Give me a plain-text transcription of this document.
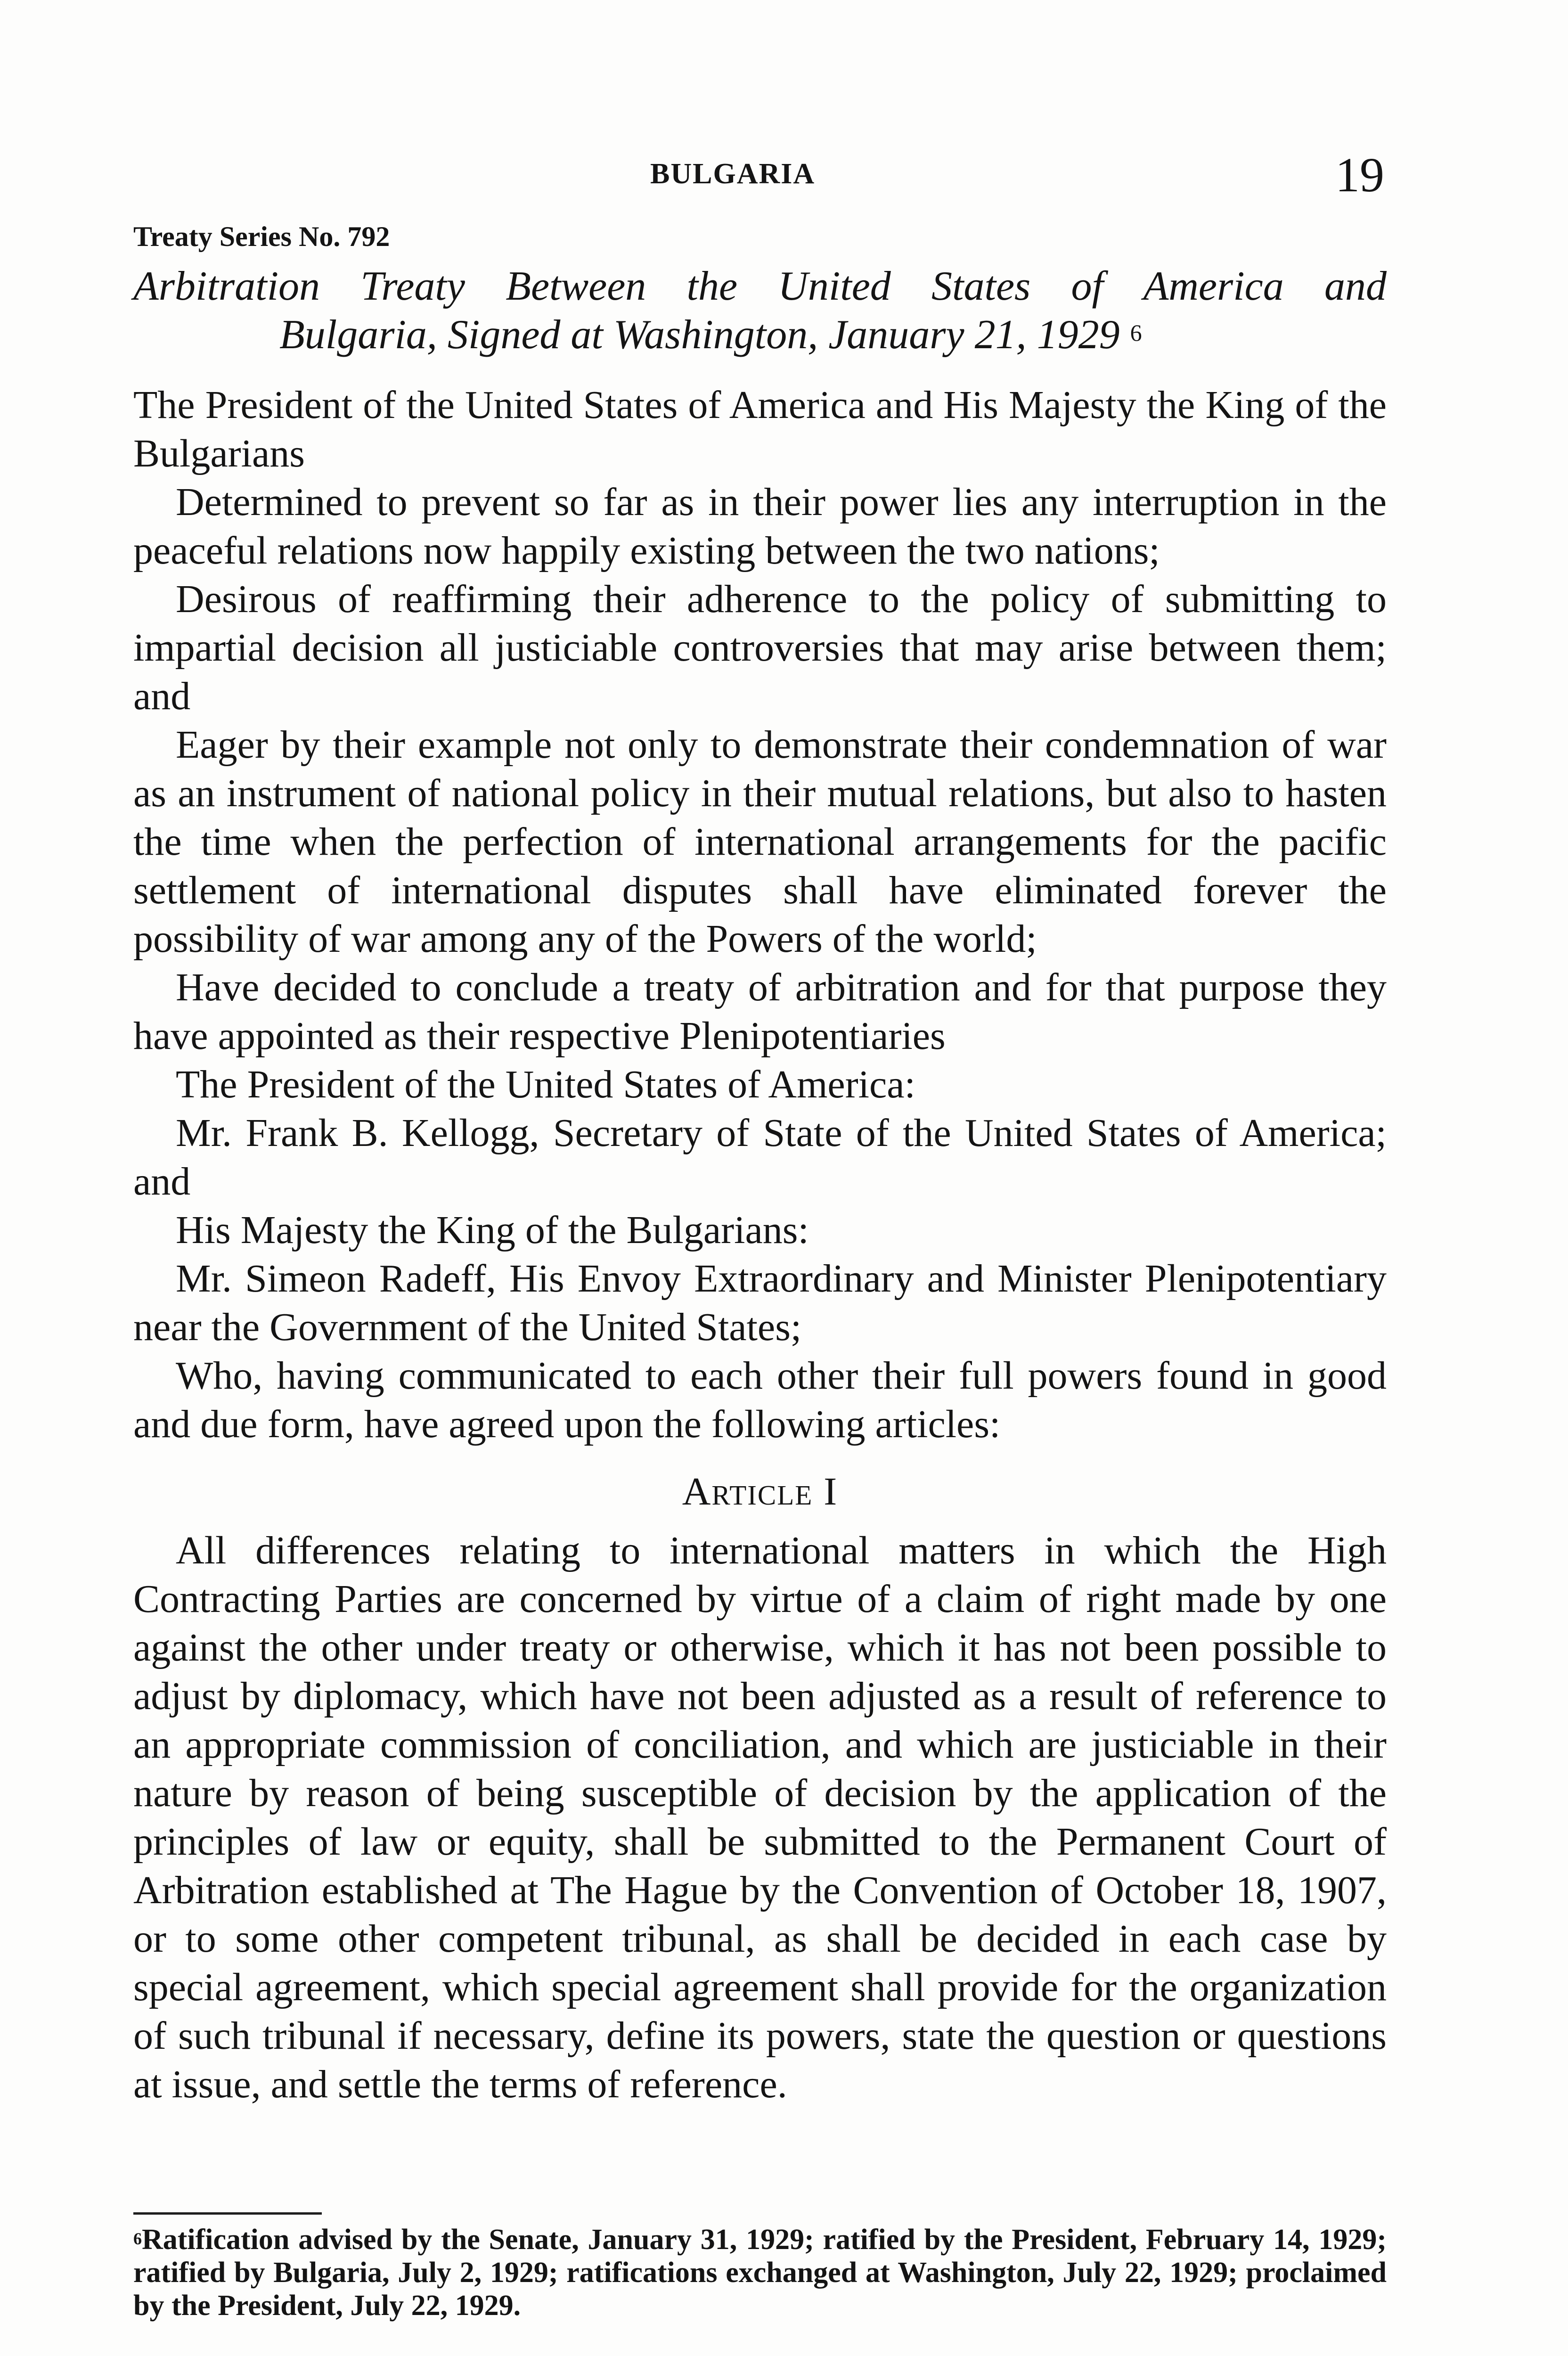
BULGARIA	19
Treaty Series No. 792
Arbitration Treaty Between the United States of America and
Bulgaria, Signed at Washington, January 21, 1929 $^6$

The President of the United States of America and His Majesty the King of the Bulgarians

Determined to prevent so far as in their power lies any interruption in the peaceful relations now happily existing between the two nations;

Desirous of reaffirming their adherence to the policy of submitting to impartial decision all justiciable controversies that may arise between them; and

Eager by their example not only to demonstrate their condemnation of war as an instrument of national policy in their mutual relations, but also to hasten the time when the perfection of international arrangements for the pacific settlement of international disputes shall have eliminated forever the possibility of war among any of the Powers of the world;

Have decided to conclude a treaty of arbitration and for that purpose they have appointed as their respective Plenipotentiaries

The President of the United States of America:

Mr. Frank B. Kellogg, Secretary of State of the United States of America; and

His Majesty the King of the Bulgarians:

Mr. Simeon Radeff, His Envoy Extraordinary and Minister Plenipotentiary near the Government of the United States;

Who, having communicated to each other their full powers found in good and due form, have agreed upon the following articles:

Article I

All differences relating to international matters in which the High Contracting Parties are concerned by virtue of a claim of right made by one against the other under treaty or otherwise, which it has not been possible to adjust by diplomacy, which have not been adjusted as a result of reference to an appropriate commission of conciliation, and which are justiciable in their nature by reason of being susceptible of decision by the application of the principles of law or equity, shall be submitted to the Permanent Court of Arbitration established at The Hague by the Convention of October 18, 1907, or to some other competent tribunal, as shall be decided in each case by special agreement, which special agreement shall provide for the organization of such tribunal if necessary, define its powers, state the question or questions at issue, and settle the terms of reference.

$^6$Ratification advised by the Senate, January 31, 1929; ratified by the President, February 14, 1929; ratified by Bulgaria, July 2, 1929; ratifications exchanged at Washington, July 22, 1929; proclaimed by the President, July 22, 1929.
